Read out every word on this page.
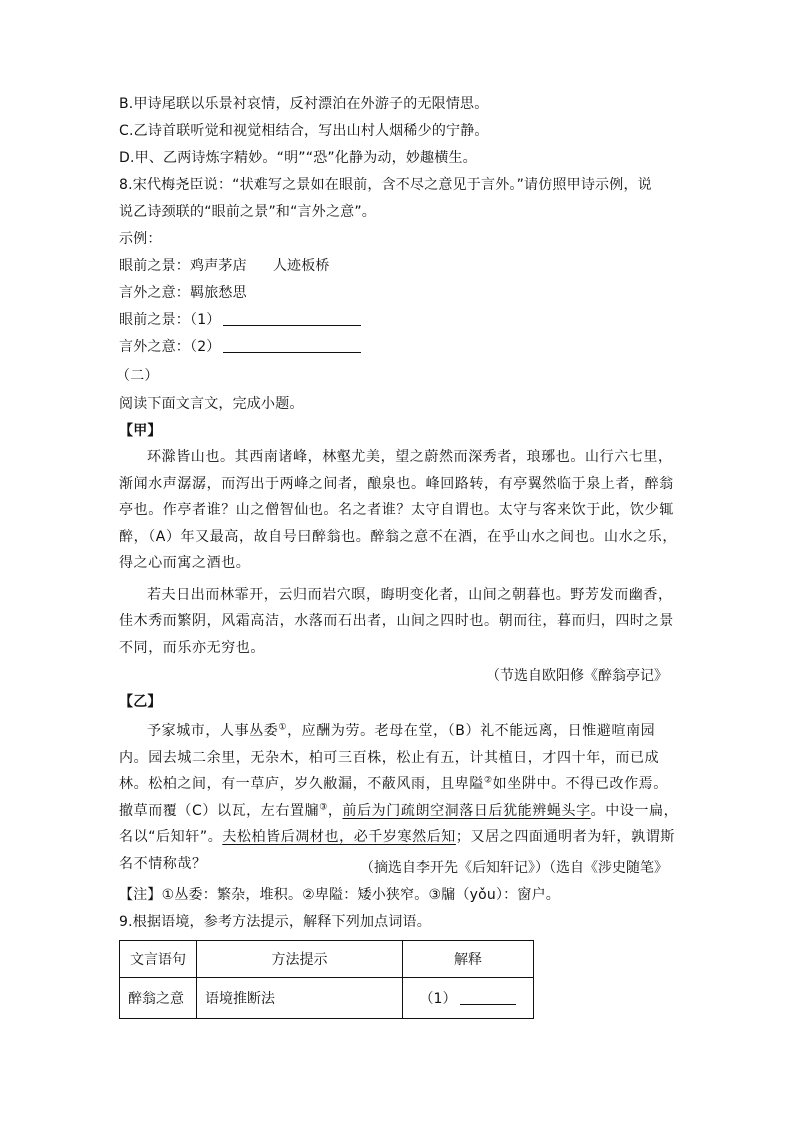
B.甲诗尾联以乐景衬哀情，反衬漂泊在外游子的无限情思。
C.乙诗首联听觉和视觉相结合，写出山村人烟稀少的宁静。
D.甲、乙两诗炼字精妙。“明”“恐”化静为动，妙趣横生。
8.宋代梅尧臣说：“状难写之景如在眼前，含不尽之意见于言外。”请仿照甲诗示例，说
说乙诗颈联的“眼前之景”和“言外之意”。
示例：
眼前之景：鸡声茅店 人迹板桥
言外之意：羁旅愁思
眼前之景：（1）
言外之意：（2）
（二）
阅读下面文言文，完成小题。
【甲】

环滁皆山也。其西南诸峰，林壑尤美，望之蔚然而深秀者，琅琊也。山行六七里，渐闻水声潺潺，而泻出于两峰之间者，酿泉也。峰回路转，有亭翼然临于泉上者，醉翁亭也。作亭者谁？山之僧智仙也。名之者谁？太守自谓也。太守与客来饮于此，饮少辄醉，（A）年又最高，故自号曰醉翁也。醉翁之意不在酒，在乎山水之间也。山水之乐，得之心而寓之酒也。

若夫日出而林霏开，云归而岩穴暝，晦明变化者，山间之朝暮也。野芳发而幽香，佳木秀而繁阴，风霜高洁，水落而石出者，山间之四时也。朝而往，暮而归，四时之景不同，而乐亦无穷也。

（节选自欧阳修《醉翁亭记》
【乙】

予家城市，人事丛委①，应酬为劳。老母在堂，（B）礼不能远离，日惟避喧南园内。园去城二余里，无杂木，柏可三百株，松止有五，计其植日，才四十年，而已成林。松柏之间，有一草庐，岁久敝漏，不蔽风雨，且卑隘②如坐阱中。不得已改作焉。撤草而覆（C）以瓦，左右置牖③，前后为门疏朗空洞落日后犹能辨蝇头字。中设一扁，名以“后知轩”。夫松柏皆后凋材也，必千岁寒然后知；又居之四面通明者为轩，孰谓斯名不情称哉？	（摘选自李开先《后知轩记》）（选自《涉史随笔》
【注】①丛委：繁杂，堆积。②卑隘：矮小狭窄。③牖（yǒu）：窗户。
9.根据语境，参考方法提示，解释下列加点词语。
文言语句	方法提示	解释
醉翁之意	语境推断法	（1）
